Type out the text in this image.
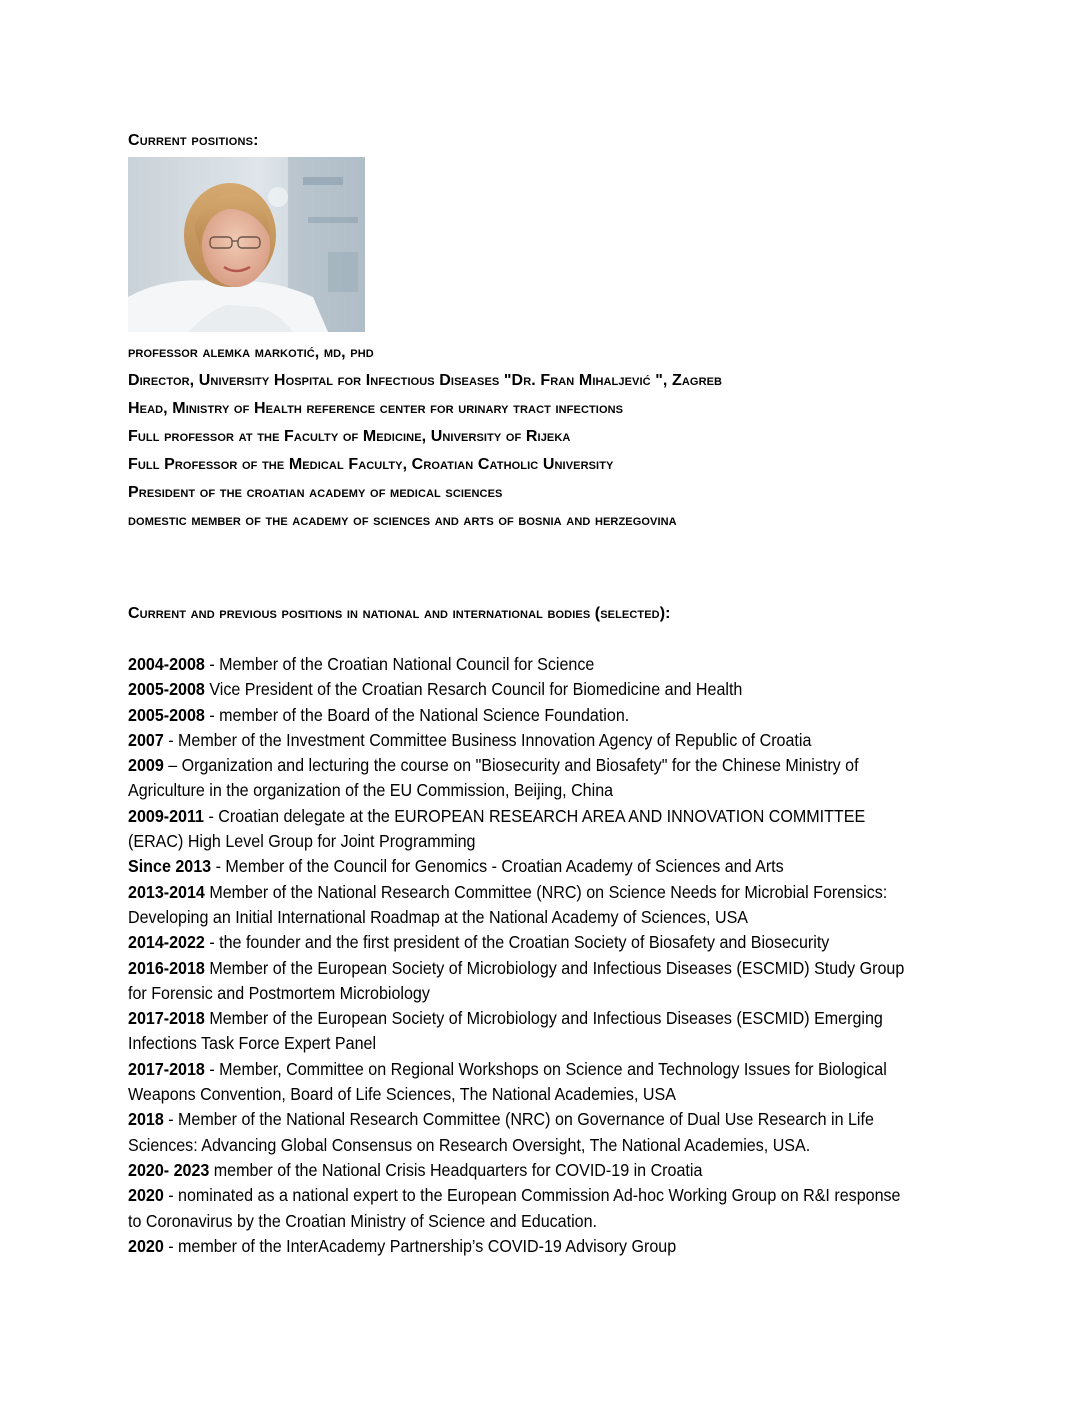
Current positions:
professor alemka markotić, md, phd
Director, University Hospital for Infectious Diseases "Dr. Fran Mihaljević ", Zagreb
Head, Ministry of Health reference center for urinary tract infections
Full professor at the Faculty of Medicine, University of Rijeka
Full Professor of the Medical Faculty, Croatian Catholic University
President of the croatian academy of medical sciences
domestic member of the academy of sciences and arts of bosnia and herzegovina
Current and previous positions in national and international bodies (selected):

2004-2008 - Member of the Croatian National Council for Science

2005-2008 Vice President of the Croatian Resarch Council for Biomedicine and Health

2005-2008 - member of the Board of the National Science Foundation.

2007 - Member of the Investment Committee Business Innovation Agency of Republic of Croatia

2009 – Organization and lecturing the course on "Biosecurity and Biosafety" for the Chinese Ministry of Agriculture in the organization of the EU Commission, Beijing, China

2009-2011 - Croatian delegate at the EUROPEAN RESEARCH AREA AND INNOVATION COMMITTEE (ERAC) High Level Group for Joint Programming

Since 2013 - Member of the Council for Genomics - Croatian Academy of Sciences and Arts

2013-2014 Member of the National Research Committee (NRC) on Science Needs for Microbial Forensics: Developing an Initial International Roadmap at the National Academy of Sciences, USA

2014-2022 - the founder and the first president of the Croatian Society of Biosafety and Biosecurity

2016-2018 Member of the European Society of Microbiology and Infectious Diseases (ESCMID) Study Group for Forensic and Postmortem Microbiology

2017-2018 Member of the European Society of Microbiology and Infectious Diseases (ESCMID) Emerging Infections Task Force Expert Panel

2017-2018 - Member, Committee on Regional Workshops on Science and Technology Issues for Biological Weapons Convention, Board of Life Sciences, The National Academies, USA

2018 - Member of the National Research Committee (NRC) on Governance of Dual Use Research in Life Sciences: Advancing Global Consensus on Research Oversight, The National Academies, USA.

2020- 2023 member of the National Crisis Headquarters for COVID-19 in Croatia

2020 - nominated as a national expert to the European Commission Ad-hoc Working Group on R&I response to Coronavirus by the Croatian Ministry of Science and Education.

2020 - member of the InterAcademy Partnership’s COVID-19 Advisory Group
